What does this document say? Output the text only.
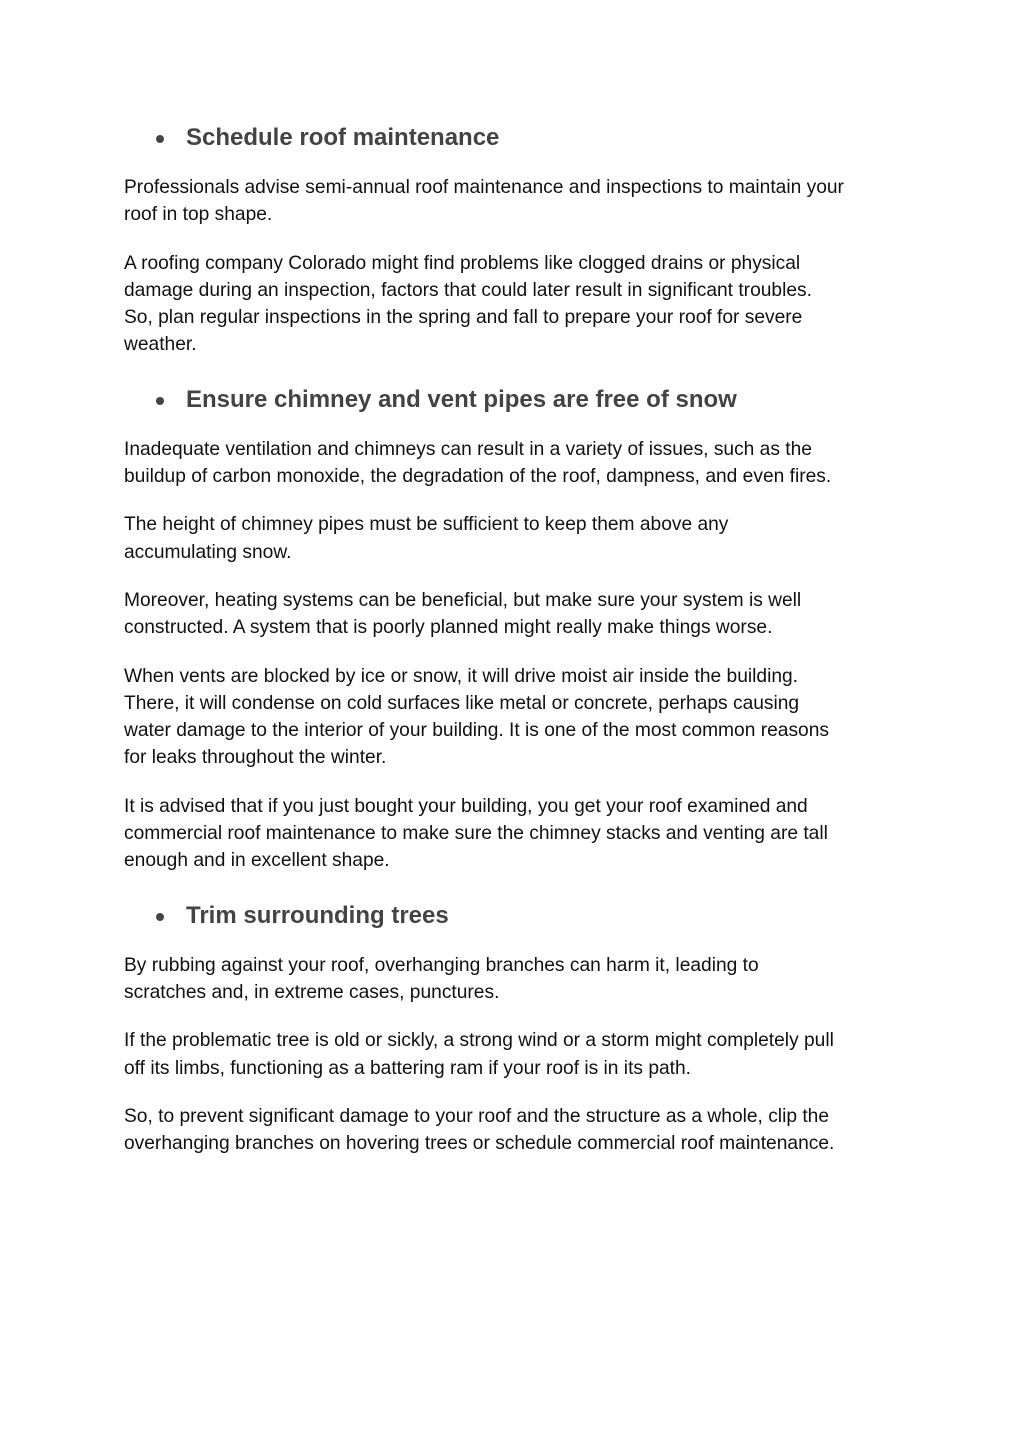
Schedule roof maintenance

Professionals advise semi-annual roof maintenance and inspections to maintain your
roof in top shape.

A roofing company Colorado might find problems like clogged drains or physical
damage during an inspection, factors that could later result in significant troubles.
So, plan regular inspections in the spring and fall to prepare your roof for severe
weather.

Ensure chimney and vent pipes are free of snow

Inadequate ventilation and chimneys can result in a variety of issues, such as the
buildup of carbon monoxide, the degradation of the roof, dampness, and even fires.

The height of chimney pipes must be sufficient to keep them above any
accumulating snow.

Moreover, heating systems can be beneficial, but make sure your system is well
constructed. A system that is poorly planned might really make things worse.

When vents are blocked by ice or snow, it will drive moist air inside the building.
There, it will condense on cold surfaces like metal or concrete, perhaps causing
water damage to the interior of your building. It is one of the most common reasons
for leaks throughout the winter.

It is advised that if you just bought your building, you get your roof examined and
commercial roof maintenance to make sure the chimney stacks and venting are tall
enough and in excellent shape.

Trim surrounding trees

By rubbing against your roof, overhanging branches can harm it, leading to
scratches and, in extreme cases, punctures.

If the problematic tree is old or sickly, a strong wind or a storm might completely pull
off its limbs, functioning as a battering ram if your roof is in its path.

So, to prevent significant damage to your roof and the structure as a whole, clip the
overhanging branches on hovering trees or schedule commercial roof maintenance.
